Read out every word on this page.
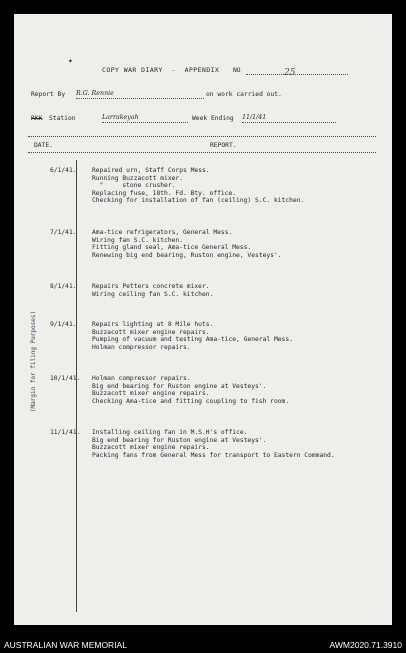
✦
COPY WAR DIARY  -  APPENDIX NO	25
Report By R.G. Rennie	on work carried out.
RKK Station	Larrakeyah	Week Ending 11/1/41
DATE.	REPORT.
(Margin for filing Purposes)
6/1/41. Repaired urn, Staff Corps Mess.
Running Buzzacott mixer.
"     stone crusher.
Replacing fuse, 18th. Fd. Bty. office.
Checking for installation of fan (ceiling) S.C. kitchen.
7/1/41. Ama-tice refrigerators, General Mess.
Wiring fan S.C. kitchen.
Fitting gland seal, Ama-tice General Mess.
Renewing big end bearing, Ruston engine, Vesteys'.
8/1/41. Repairs Petters concrete mixer.
Wiring ceiling fan S.C. kitchen.
9/1/41. Repairs lighting at 8 Mile huts.
Buzzacott mixer engine repairs.
Pumping of vacuum and testing Ama-tice, General Mess.
Holman compressor repairs.
10/1/41. Holman compressor repairs.
Big end bearing for Ruston engine at Vesteys'.
Buzzacott mixer engine repairs.
Checking Ama-tice and fitting coupling to fish room.
11/1/41. Installing ceiling fan in M.S.H's office.
Big end bearing for Ruston engine at Vesteys'.
Buzzacott mixer engine repairs.
Packing fans from General Mess for transport to Eastern Command.
AUSTRALIAN WAR MEMORIAL	AWM2020.71.3910
